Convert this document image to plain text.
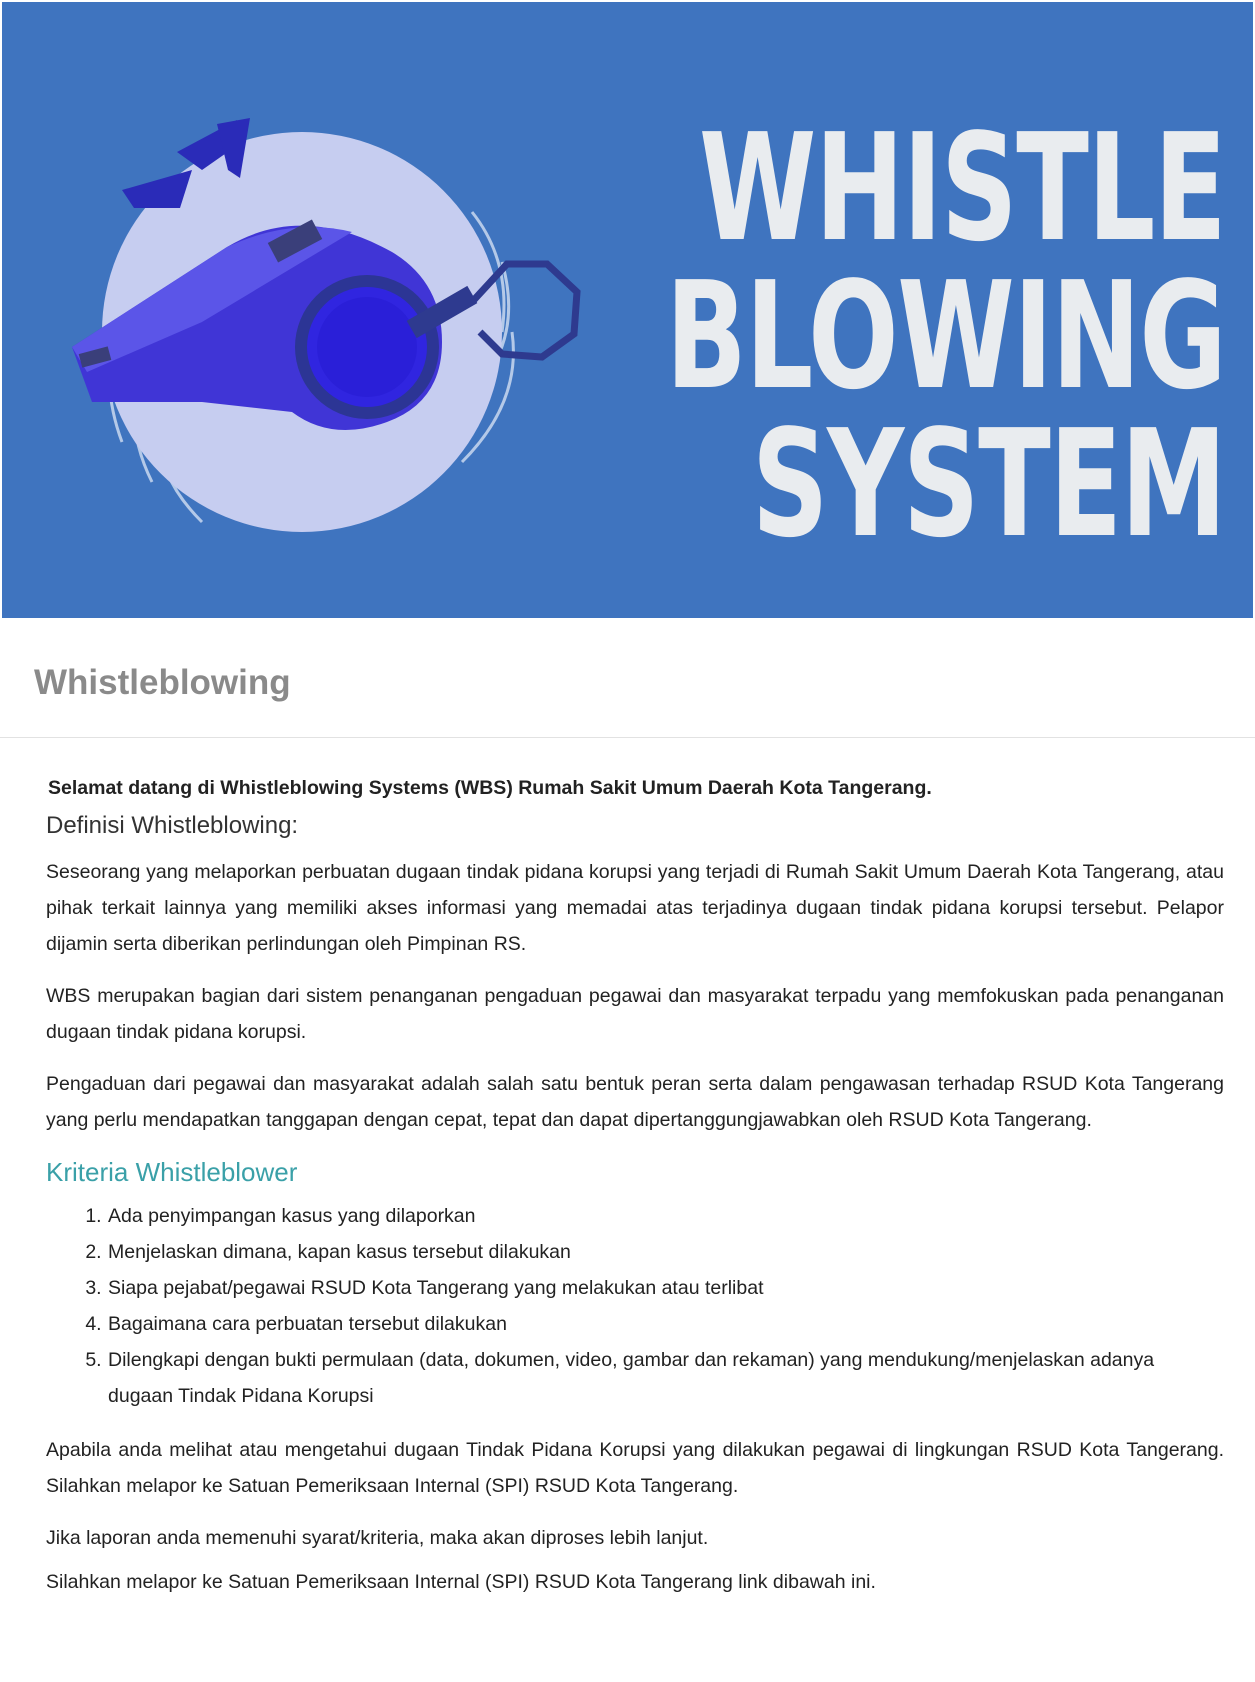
WHISTLE
BLOWING
SYSTEM
Whistleblowing
Selamat datang di Whistleblowing Systems (WBS) Rumah Sakit Umum Daerah Kota Tangerang.
Definisi Whistleblowing:

Seseorang yang melaporkan perbuatan dugaan tindak pidana korupsi yang terjadi di Rumah Sakit Umum Daerah Kota Tangerang, atau pihak terkait lainnya yang memiliki akses informasi yang memadai atas terjadinya dugaan tindak pidana korupsi tersebut. Pelapor dijamin serta diberikan perlindungan oleh Pimpinan RS.

WBS merupakan bagian dari sistem penanganan pengaduan pegawai dan masyarakat terpadu yang memfokuskan pada penanganan dugaan tindak pidana korupsi.

Pengaduan dari pegawai dan masyarakat adalah salah satu bentuk peran serta dalam pengawasan terhadap RSUD Kota Tangerang yang perlu mendapatkan tanggapan dengan cepat, tepat dan dapat dipertanggungjawabkan oleh RSUD Kota Tangerang.

Kriteria Whistleblower
1. Ada penyimpangan kasus yang dilaporkan
2. Menjelaskan dimana, kapan kasus tersebut dilakukan
3. Siapa pejabat/pegawai RSUD Kota Tangerang yang melakukan atau terlibat
4. Bagaimana cara perbuatan tersebut dilakukan
5. Dilengkapi dengan bukti permulaan (data, dokumen, video, gambar dan rekaman) yang mendukung/menjelaskan adanya dugaan Tindak Pidana Korupsi

Apabila anda melihat atau mengetahui dugaan Tindak Pidana Korupsi yang dilakukan pegawai di lingkungan RSUD Kota Tangerang. Silahkan melapor ke Satuan Pemeriksaan Internal (SPI) RSUD Kota Tangerang.

Jika laporan anda memenuhi syarat/kriteria, maka akan diproses lebih lanjut.

Silahkan melapor ke Satuan Pemeriksaan Internal (SPI) RSUD Kota Tangerang link dibawah ini.
